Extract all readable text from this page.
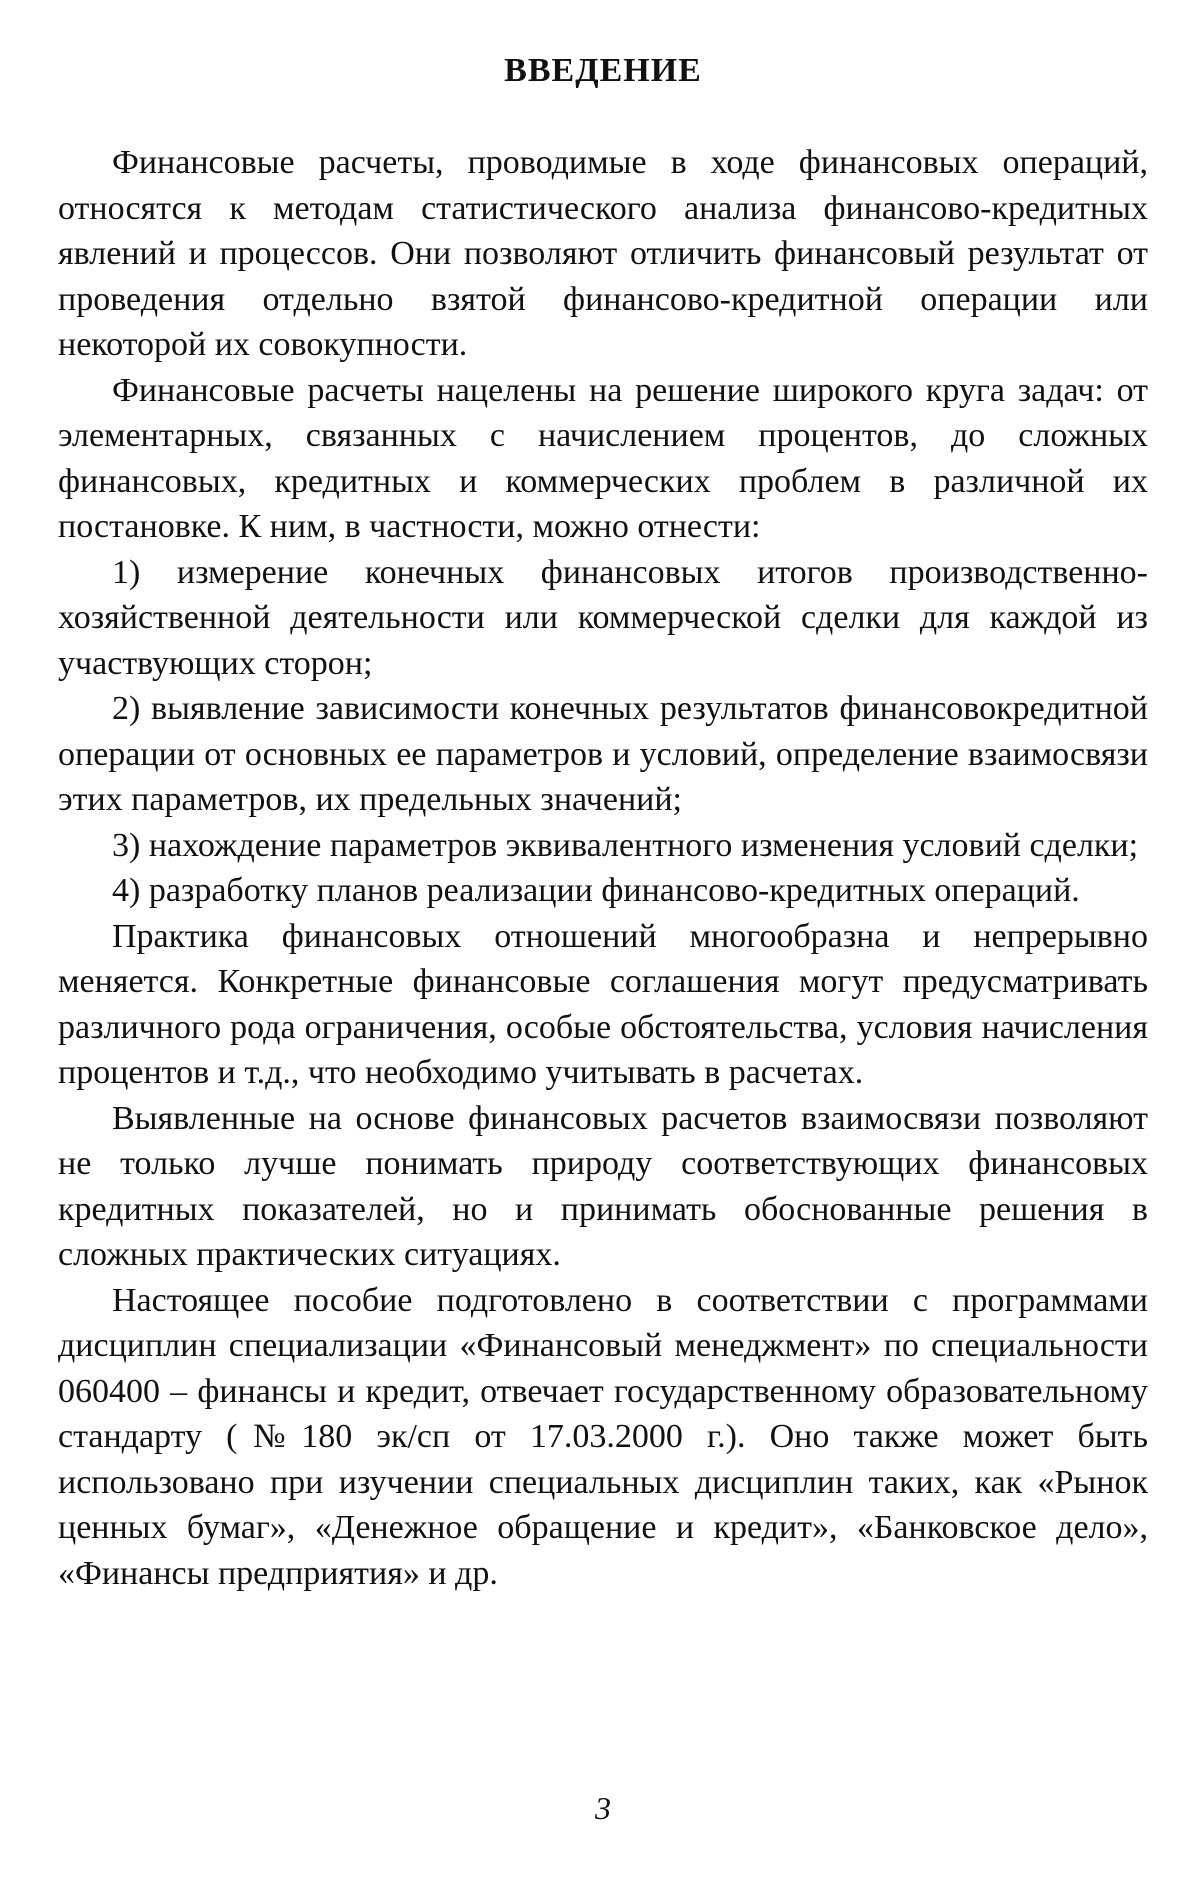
ВВЕДЕНИЕ

Финансовые расчеты, проводимые в ходе финансовых операций, относятся к методам статистического анализа финансово-кредитных явлений и процессов. Они позволяют отличить финансовый результат от проведения отдельно взятой финансово-кредитной операции или некоторой их совокупности.

Финансовые расчеты нацелены на решение широкого круга задач: от элементарных, связанных с начислением процентов, до сложных финансовых, кредитных и коммерческих проблем в различной их постановке. К ним, в частности, можно отнести:

1) измерение конечных финансовых итогов производственно-хозяйственной деятельности или коммерческой сделки для каждой из участвующих сторон;

2) выявление зависимости конечных результатов финансовокредитной операции от основных ее параметров и условий, определение взаимосвязи этих параметров, их предельных значений;

3) нахождение параметров эквивалентного изменения условий сделки;

4) разработку планов реализации финансово-кредитных операций.

Практика финансовых отношений многообразна и непрерывно меняется. Конкретные финансовые соглашения могут предусматривать различного рода ограничения, особые обстоятельства, условия начисления процентов и т.д., что необходимо учитывать в расчетах.

Выявленные на основе финансовых расчетов взаимосвязи позволяют не только лучше понимать природу соответствующих финансовых кредитных показателей, но и принимать обоснованные решения в сложных практических ситуациях.

Настоящее пособие подготовлено в соответствии с программами дисциплин специализации «Финансовый менеджмент» по специальности 060400 – финансы и кредит, отвечает государственному образовательному стандарту (№180 эк/сп от 17.03.2000 г.). Оно также может быть использовано при изучении специальных дисциплин таких, как «Рынок ценных бумаг», «Денежное обращение и кредит», «Банковское дело», «Финансы предприятия» и др.

3
